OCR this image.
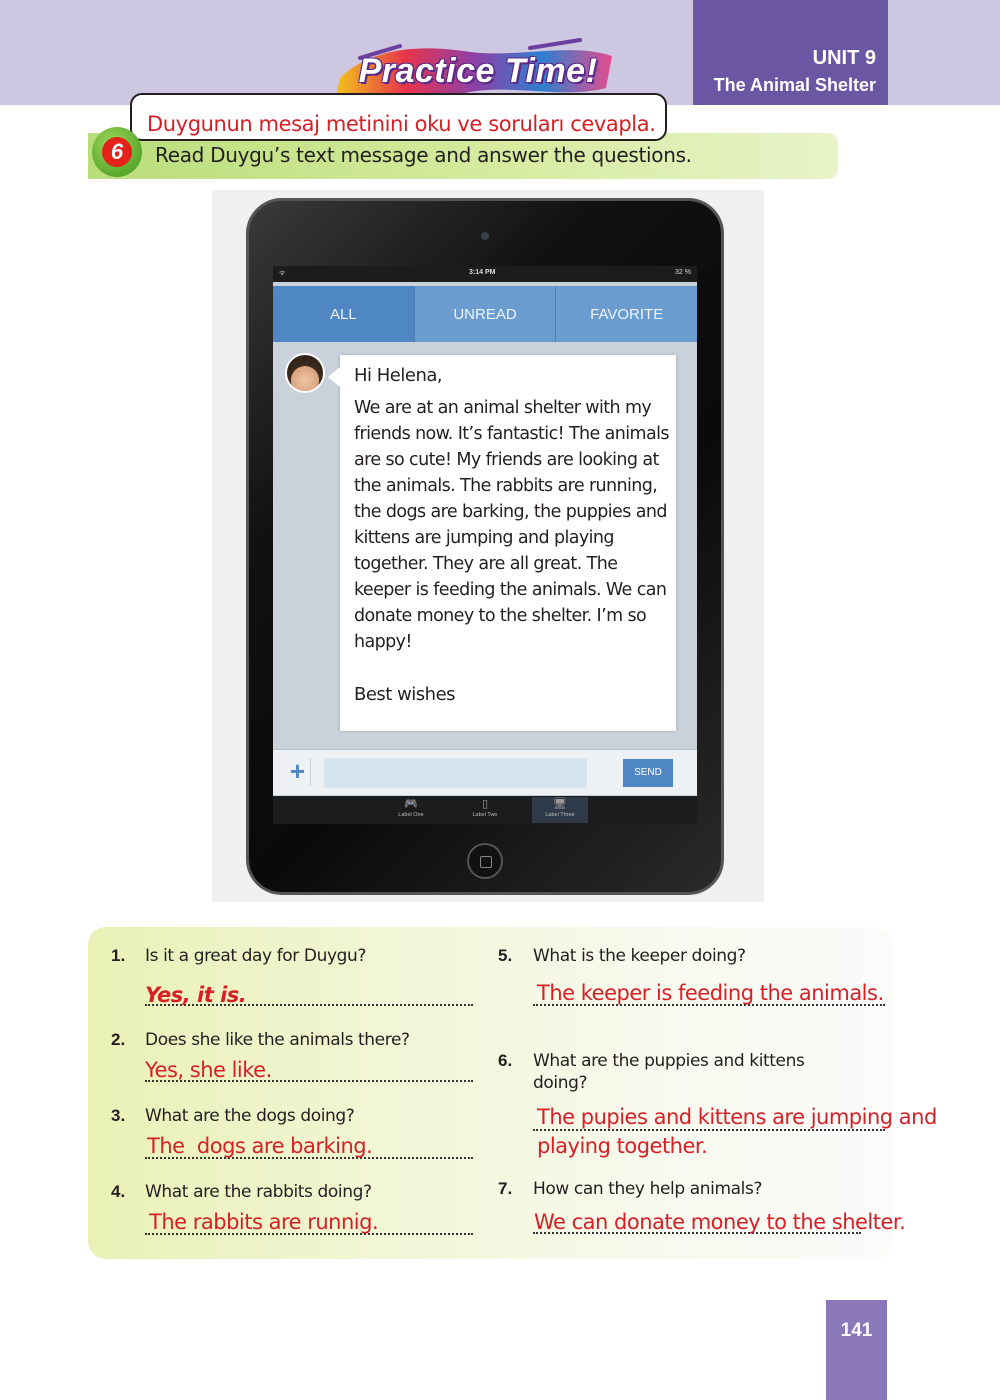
Practice Time!	UNIT 9
The Animal Shelter
Duygunun mesaj metinini oku ve soruları cevapla.
6	Read Duygu’s text message and answer the questions.
ᯤ	3:14 PM	32 %
ALL	UNREAD	FAVORITE
Hi Helena,
We are at an animal shelter with my friends now. It’s fantastic! The animals are so cute! My friends are looking at the animals. The rabbits are running, the dogs are barking, the puppies and kittens are jumping and playing together. They are all great. The keeper is feeding the animals. We can donate money to the shelter. I’m so happy!
Best wishes
+	SEND
🎮
Label One
▯
Label Two
🖥
Label Three
1. Is it a great day for Duygu?
Yes, it is.
2. Does she like the animals there?
Yes, she like.
3. What are the dogs doing?
The  dogs are barking.
4. What are the rabbits doing?
The rabbits are runnig.
5. What is the keeper doing?
The keeper is feeding the animals.
6. What are the puppies and kittens
doing?
The pupies and kittens are jumping and
playing together.
7. How can they help animals?
We can donate money to the shelter.
141
